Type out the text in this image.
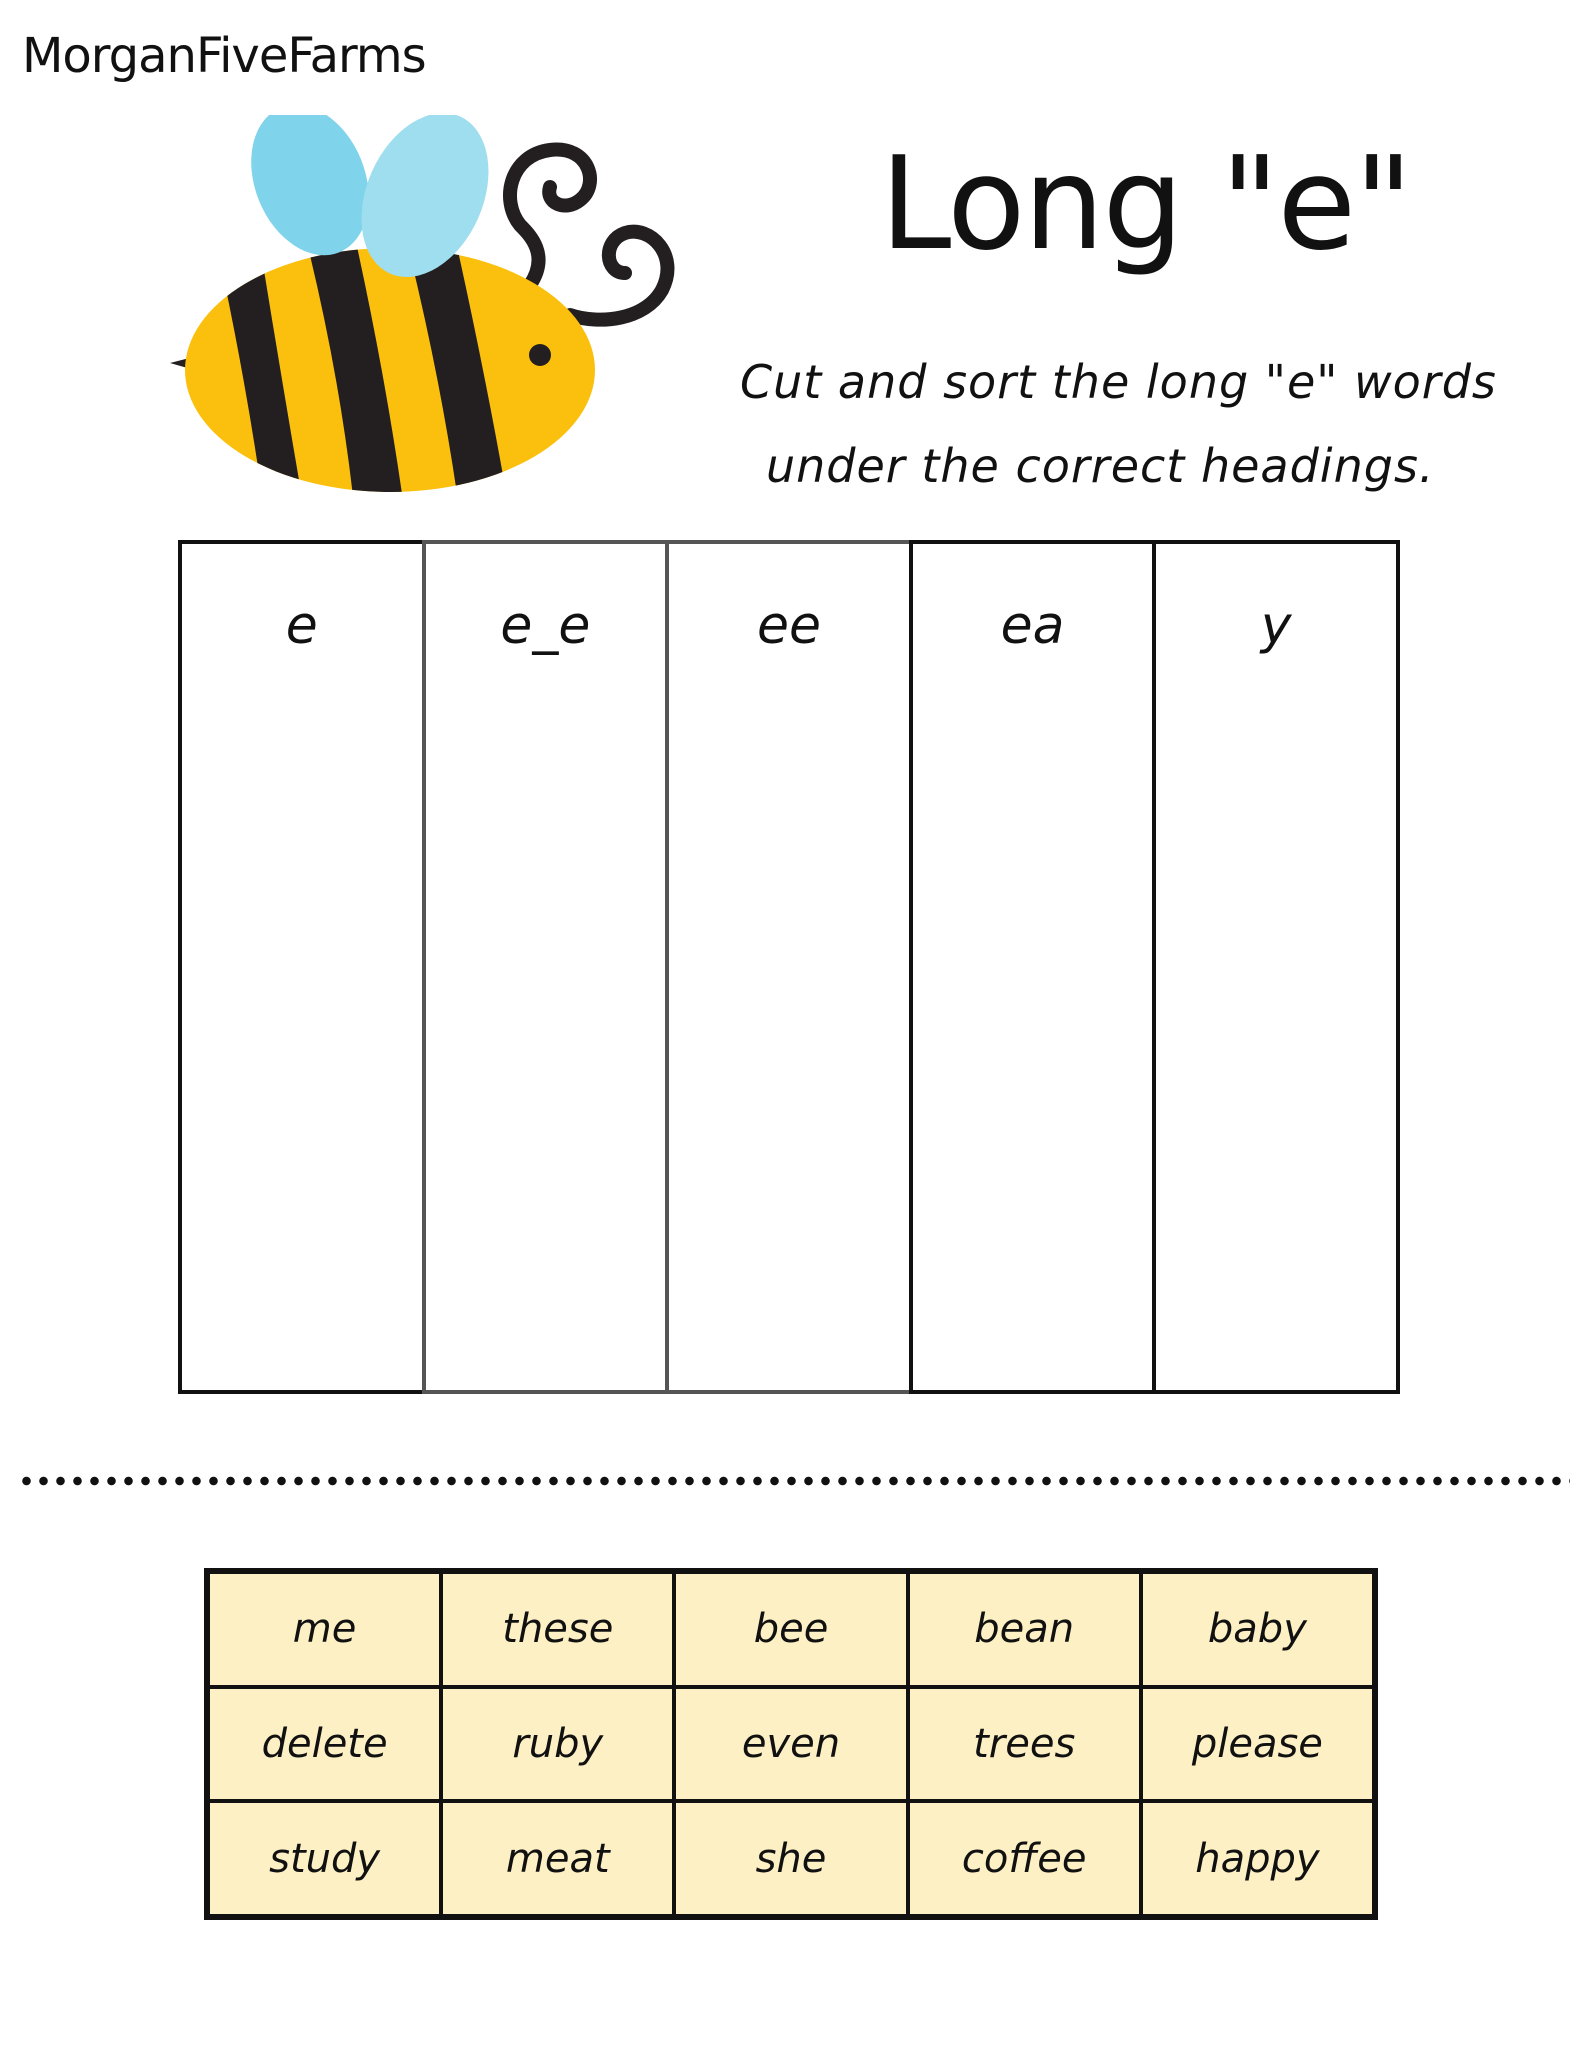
MorganFiveFarms
Long "e"
Cut and sort the long "e" words
under the correct headings.
e	e_e	ee	ea	y
me	these	bee	bean	baby
delete	ruby	even	trees	please
study	meat	she	coffee	happy
